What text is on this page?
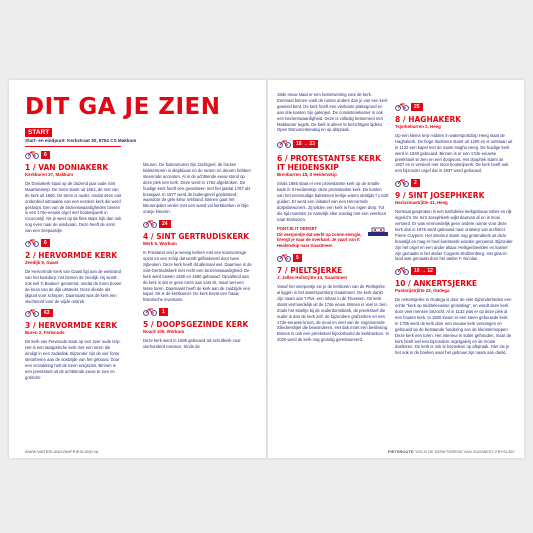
DIT GA JE ZIEN
START
Start- en eindpunt: Kerkstraat 30, 8754 CS Makkum
6
1 / VAN DONIAKERK
Kerkburen 37, Makkum

De Doniakerk staat op de duizend jaar oude Sint Maartensterp. De toren stamt uit 1652, de rest van de kerk uit 1660. De toren is ouder, omdat deze ooit onderdeel uitmaakte van een eerdere kerk die werd gesloopt. Een van de bezienswaardigheden binnen is een 17de-eeuws orgel met houtsnijwerk in rococostijl. Als je weer op de fiets stapt, kijk dan ook nog even naar de windvaan. Deze heeft de vorm van een zeepaardje.

6
2 / HERVORMDE KERK
Zeedijk 9, Gaast

De Hervormde Kerk van Gaast ligt aan de westrand van het kustdorp, net binnen de zeedijk. Hij wordt ook wel 'It Beaken' genoemd, omdat de toren boven de kruin van de dijk uitsteekt. Deze diende als ijkpunt voor schepen. Daarnaast was de kerk een vluchtoord voor de wijde omtrek.

63
3 / HERVORMDE KERK
Buren 2, Ferwoude

De kerk van Ferwoude staat op een zeer oude terp. Het is een laatgotische kerk met een toren die eindigt in een zadeldak. Bijzonder zijn de vier forse steunberen aan de oostzijde van het gebouw. Door een verzakking helt de toren enigszins. Binnen is een preekstoel uit de achttiende eeuw te zien en gotische

kleuren. De buitenmuren zijn zachtgeel, de houten klokkentoren is diepblauw en de ramen en deuren hebben steenrode accenten. Al in de achttiende eeuw stond op deze plek een kerk. Deze werd in 1762 afgebroken. De huidige kerk heeft een gevelsteen met het jaartal 1767 als bouwjaar. In 1877 werd de buitengevel gepleisterd, waardoor de gele kleur ontstond. Binnen gaat het kleurenpalet verder met een wand vol kerkbanken in blije oranje kleuren.

24
4 / SINT GERTRUDISKERK
Merk 5, Workum

In Friesland vind je weinig kerken met een kruisvormige opzet en een schip dat wordt geflankeerd door twee zijbeuken. Deze kerk heeft dit allemaal wel. Daarmee is de Sint-Gertrudiskerk met recht een bezienswaardigheid. De kerk werd tussen 1480 en 1580 gebouwd. Opvallend aan de kerk is dat er geen toren aan vast zit, maar wel een losse toren. Daarnaast heeft de kerk aan de zuidzijde een kapel. Dit is de kerkkamer. De kerk bevat een fraaie historische inventaris.

1
5 / DOOPSGEZINDE KERK
Noard 105, Workum

Deze kerk werd in 1695 gebouwd als schuilkerk voor vierhonderd mensen. Sinds de

WWW.WATERLANDVANFRIESLAND.NL

18de eeuw staat er een kosterwoning voor de kerk. Eenmaal binnen voelt de ruimte anders dan je van een kerk gewend bent. De kerk heeft een vierkante plattegrond en aan drie kanten zijn galerijen. De consistoriekamer is ook een bezienswaardigheid. Deze is volledig betimmerd met Makkumer tegels. De kerk is alleen te bezichtigen tijdens Open Monumentendag en op afspraak.

18 → 23
6 / PROTESTANTSE KERK IT HEIDENSKIP
Brenburren 18, It Heidenskip

Sinds 1866 staat er een protestantse kerk op de smalle kade in It Heidenskip: deze protestantse kerk. De kosten van het eenvoudige bakstenen kerkje waren destijds f 1.640 gulden. Er werd een initiatief van een Hervormde dorpsbewoners. Zij wilden een kerk in hun eigen dorp. Tot die tijd moesten ze namelijk elke zondag met een veerboot naar Elahuizen.

PONTJE IT OERSET
Dit veerpontje dat werkt op zonne-energie, brengt je naar de overkant. Je vaart van It Heidenskip naar Gaastmeer.
5
7 / PIELTSJERKE
J. Jelles Hofstrjitte 14, Gaastmeer

Vanaf het veerpontje zie je de kerktoren van de Pieltsjerke al liggen in het watersportdorp Gaastmeer. De kerk dankt zijn naam aan 't Piel, een inham in de Fluessen. De kerk stamt vermoedelijk uit de 17de eeuw. Binnen is veel te zien. Zoals het stoeltje bij de ouderdomsbank, de preekstoel die ouder is dan de kerk zelf, de bijzondere grafzerken en een 17de-eeuwse kroon, de mooi en veel van de zogenoemde Slieckerslijtel die bewonderen. Het dak moet een beslissing. Binnen is ook een preekstoel bijvoorbeeld de kerkbanken. In 2020 werd de kerk nog grondig gerestaureerd.

25
8 / HAGHAKERK
Tsjerkeburren 2, Heeg

Op een kleine terp midden in watersportdorp Heeg staat de Haghakerk. De hoge doeltoren stamt uit 1200 en is ontstaan uit in 1132 een kapel met de naam Hagha Heeg. De huidige kerk werd in 1840 gebouwd. Binnen is er een 17de-eeuwse preekstoel te zien en een doopvont. Het doophek stamt uit 1827 en is versierd met mooi houtsnijwerk. De kerk heeft ook een bijzonder orgel dat in 1937 werd gebouwd.

2
9 / SINT JOSEPHKERK
Harinxmastrjitte 41, Heeg

Normaal gesproken is een katholieke kerkgebouw sober en rijk ingericht. De Sint Josephkerk wijkt daarvan af en is mooi versierd. Er was vermoedelijk geen andere ruimte voor deze kerk dan in 1876 werd gebouwd naar ontwerp van architect Pierre Cuypers. Het interieur stamt nog grotendeels uit deze bouwtijd en mag er heel kunstwerk worden genoemd. Bijzonder zijn het orgel en een ander altaar. Heiligenbeelden en kansel zijn gemaakt in het atelier Cuypers-Stoltzenberg. Het glas-in-lood was gemaakt door het atelier F. Nicolas.

10 → 12
10 / ANKERTSJERKE
Pastorijstrjitte 23, Oudega

De Ankertsjerke in Oudega is door de vele bijzonderheden een echte "kerk op middeleeuwse grondslag", en wordt deze kerk door veel mensen bezocht. Al in 1132 was er op deze plek al een houten kerk. In 1500 kwam er een steen gebouwde kerk. In 1755 werd de kerk door een nieuwe kerk vervangen en gebouwd op de bestaande fundering van de kloostermoppen. Deze kerk een toren. Het interieur is sober gehouden, maar de kerk heeft wel een bijzondere orgelgalerij en de mooie doeltoren. De kerk is ook te bezoeken op afspraak. Hier zie je het ook in de boeken waar het gebouw zijn naam aan dankt.

FIETSROUTE 'VOLG DE KERKTORENS VAN ZUIDWEST-FRYSLÂN'
